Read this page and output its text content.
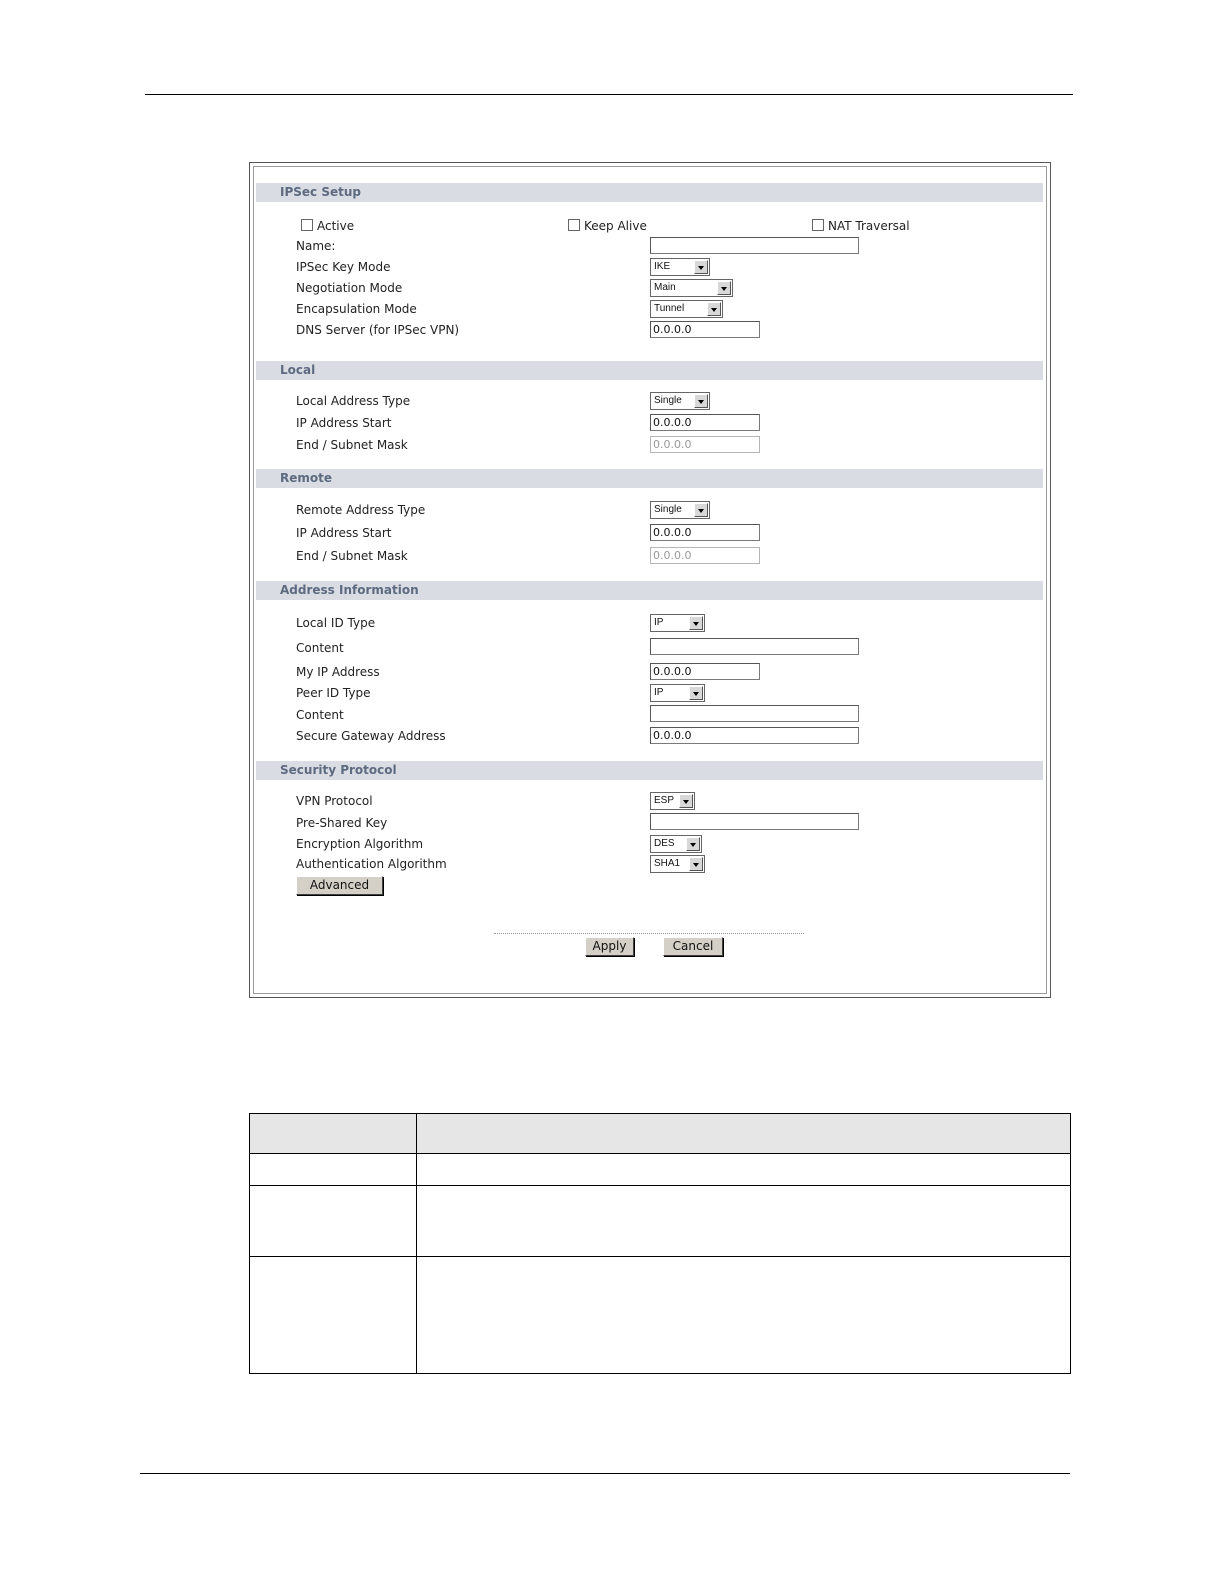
IPSec Setup
Active	Keep Alive	NAT Traversal
Name:
IPSec Key Mode	IKE
Negotiation Mode	Main
Encapsulation Mode	Tunnel
DNS Server (for IPSec VPN)	0.0.0.0
Local
Local Address Type	Single
IP Address Start	0.0.0.0
End / Subnet Mask	0.0.0.0
Remote
Remote Address Type	Single
IP Address Start	0.0.0.0
End / Subnet Mask	0.0.0.0
Address Information
Local ID Type	IP
Content
My IP Address	0.0.0.0
Peer ID Type	IP
Content
Secure Gateway Address	0.0.0.0
Security Protocol
VPN Protocol	ESP
Pre-Shared Key
Encryption Algorithm	DES
Authentication Algorithm	SHA1
Advanced
Apply	Cancel
